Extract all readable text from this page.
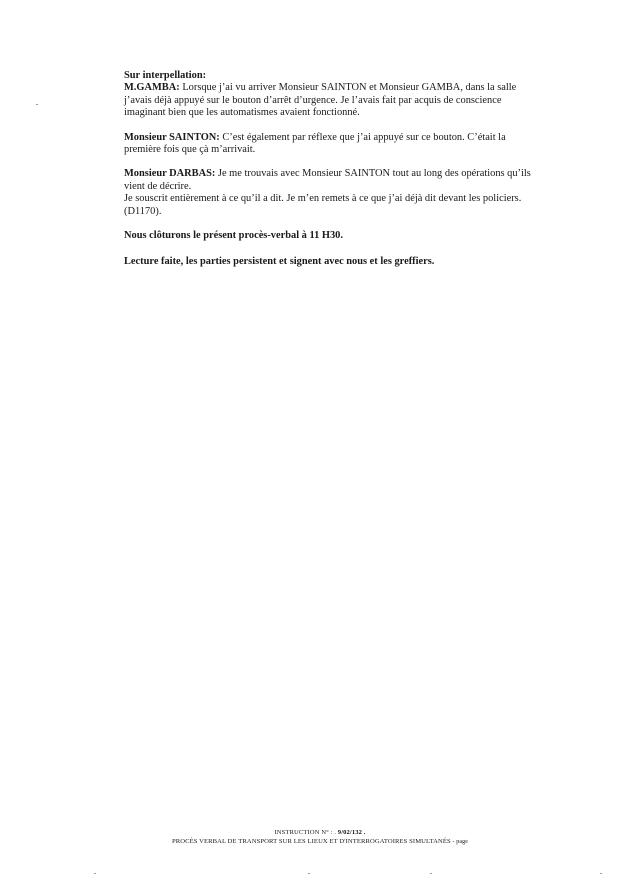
Sur interpellation:

M.GAMBA: Lorsque j’ai vu arriver Monsieur SAINTON et Monsieur GAMBA, dans la salle

j’avais déjà appuyé sur le bouton d’arrêt d’urgence. Je l’avais fait par acquis de conscience

imaginant bien que les automatismes avaient fonctionné.

Monsieur SAINTON: C’est également par réflexe que j’ai appuyé sur ce bouton. C’était la

première fois que çà m’arrivait.

Monsieur DARBAS: Je me trouvais avec Monsieur SAINTON tout au long des opérations qu’ils

vient de décrire.

Je souscrit entièrement à ce qu’il a dit. Je m’en remets à ce que j’ai déjà dit devant les policiers.

(D1170).

Nous clôturons le présent procès-verbal à 11 H30.

Lecture faite, les parties persistent et signent avec nous et les greffiers.

INSTRUCTION N° : . 9/02/132 .
PROCÈS VERBAL DE TRANSPORT SUR LES LIEUX ET D'INTERROGATOIRES SIMULTANÉS - page
